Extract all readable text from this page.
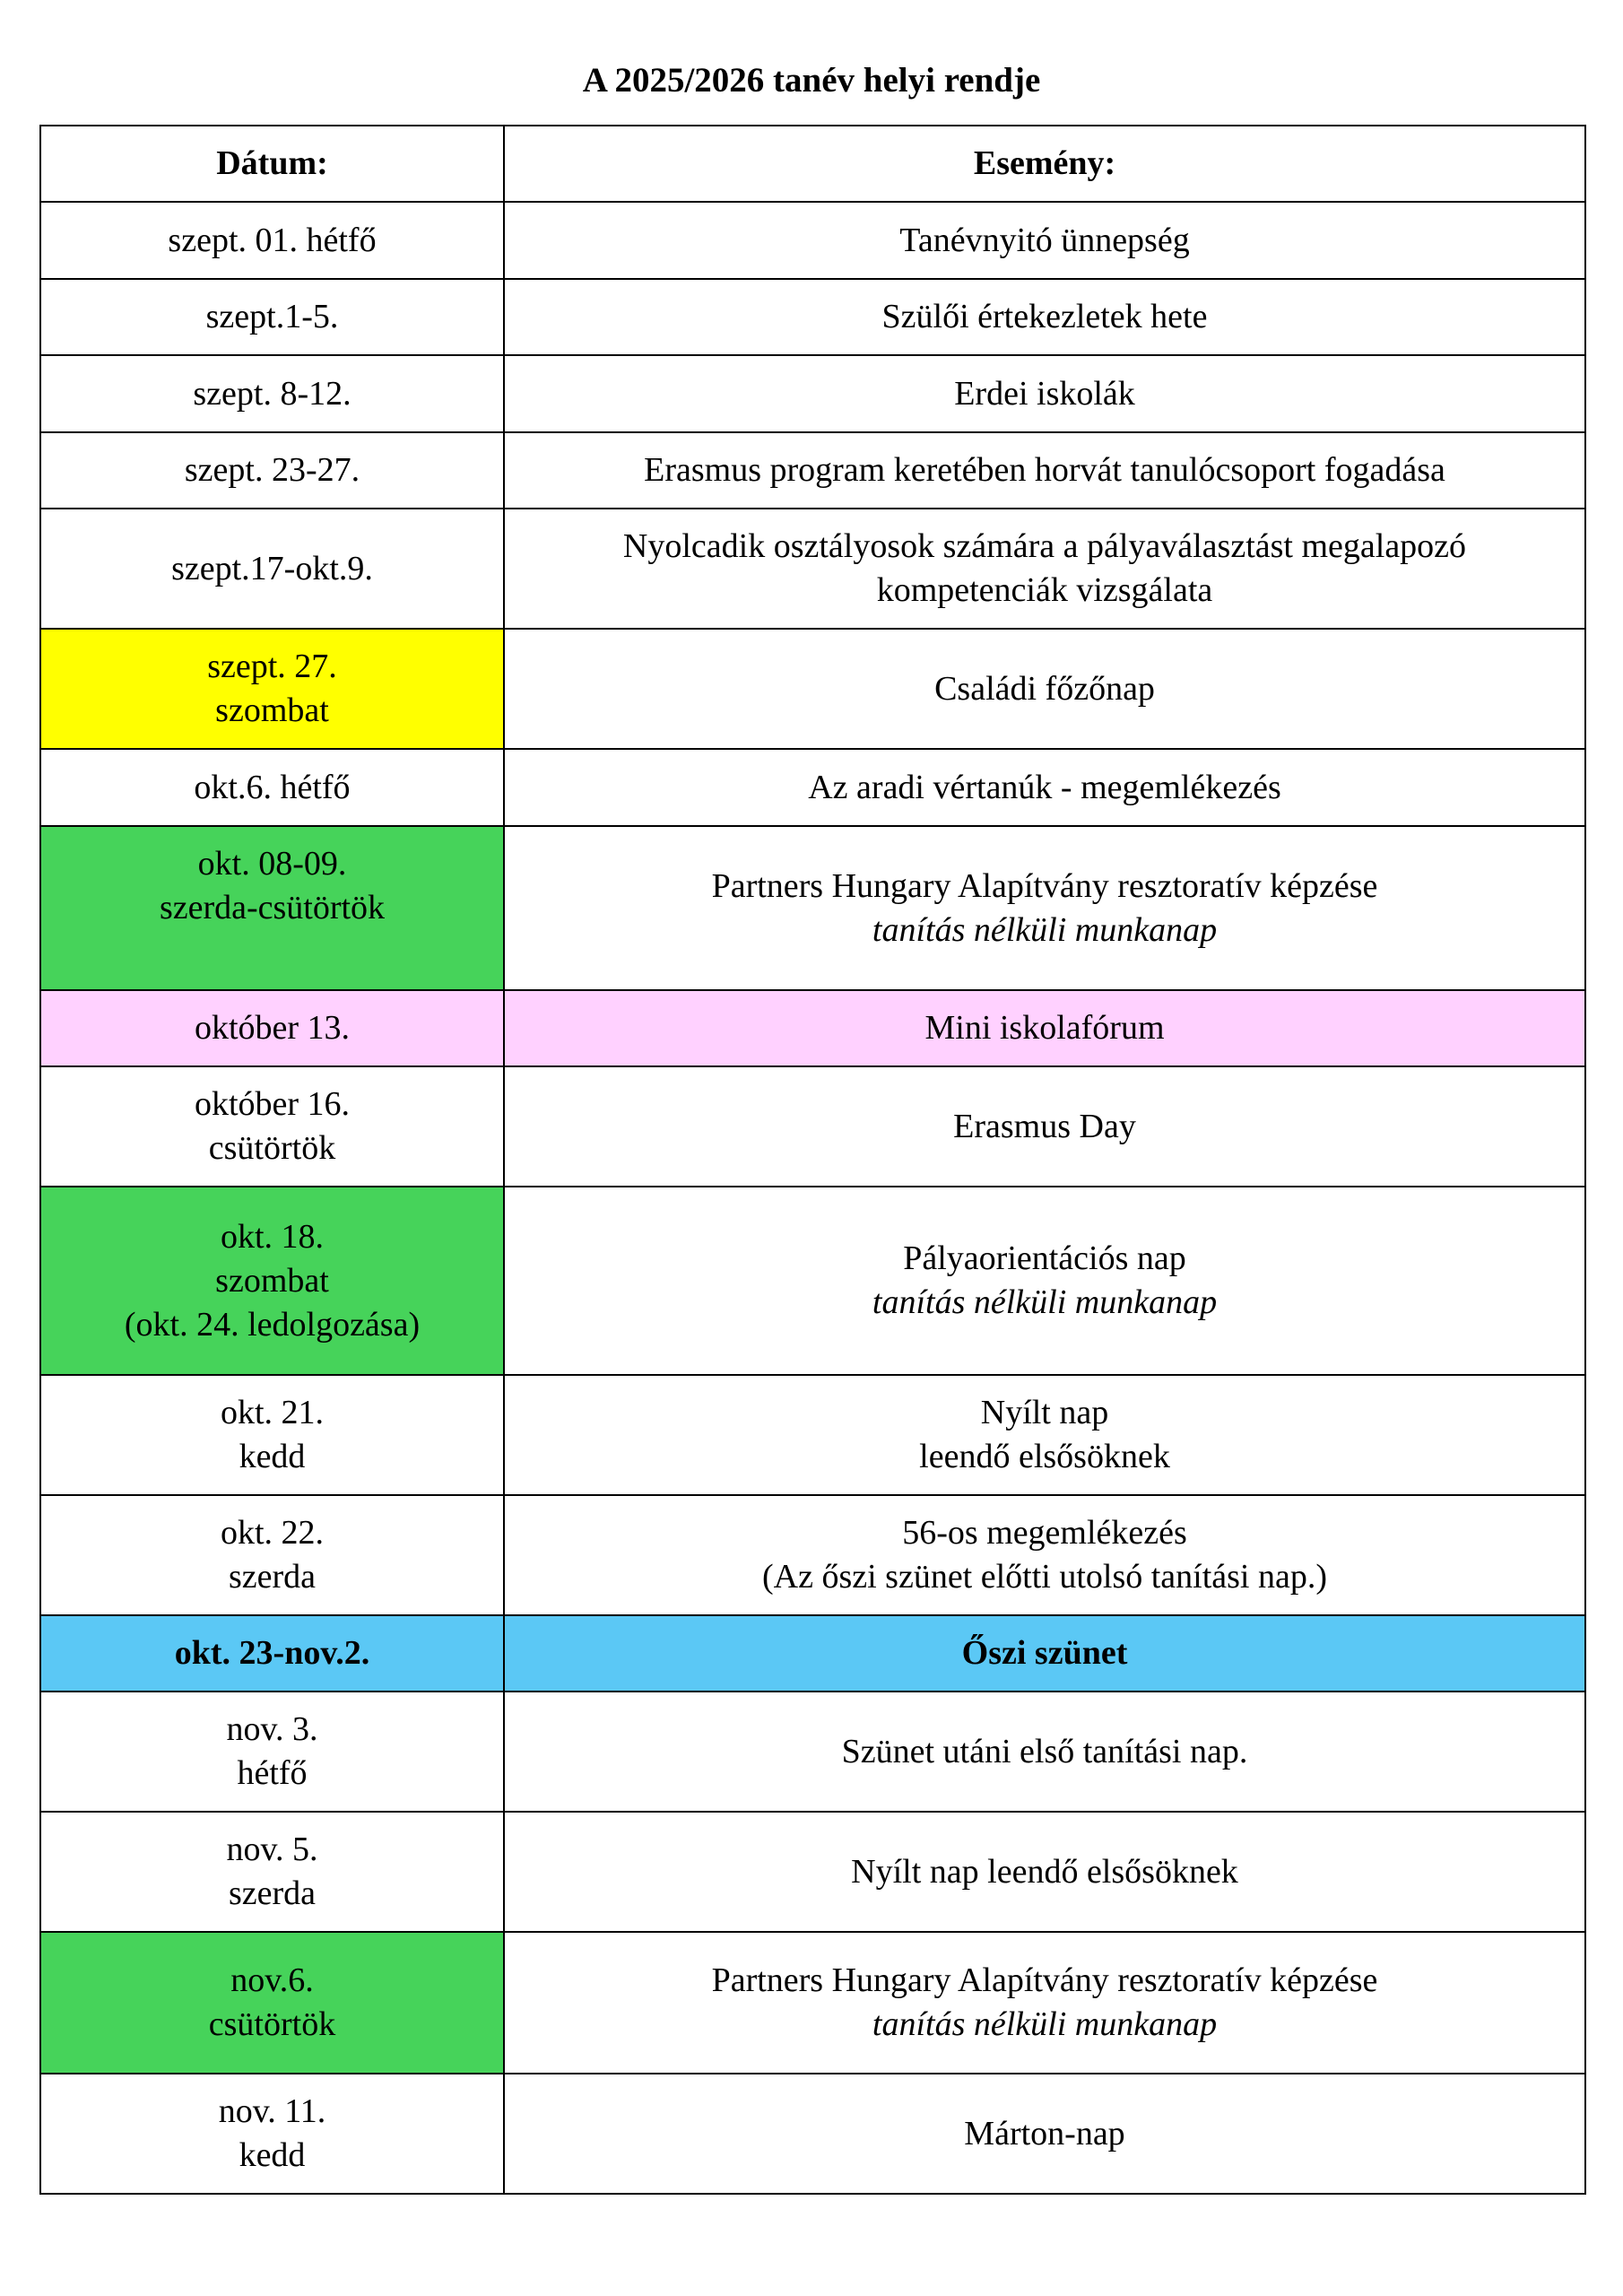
A 2025/2026 tanév helyi rendje
Dátum:	Esemény:

szept. 01. hétfő	Tanévnyitó ünnepség

szept.1-5.	Szülői értekezletek hete

szept. 8-12.	Erdei iskolák

szept. 23-27.	Erasmus program keretében horvát tanulócsoport fogadása

szept.17-okt.9.	Nyolcadik osztályosok számára a pályaválasztást megalapozó
kompetenciák vizsgálata

szept. 27.
szombat	Családi főzőnap

okt.6. hétfő	Az aradi vértanúk - megemlékezés

okt. 08-09.
szerda-csütörtök	Partners Hungary Alapítvány resztoratív képzése
tanítás nélküli munkanap

október 13.	Mini iskolafórum

október 16.
csütörtök	Erasmus Day

okt. 18.
szombat
(okt. 24. ledolgozása)	Pályaorientációs nap
tanítás nélküli munkanap

okt. 21.
kedd	Nyílt nap
leendő elsősöknek

okt. 22.
szerda	56-os megemlékezés
(Az őszi szünet előtti utolsó tanítási nap.)

okt. 23-nov.2.	Őszi szünet

nov. 3.
hétfő	Szünet utáni első tanítási nap.

nov. 5.
szerda	Nyílt nap leendő elsősöknek

nov.6.
csütörtök	Partners Hungary Alapítvány resztoratív képzése
tanítás nélküli munkanap

nov. 11.
kedd	Márton-nap
